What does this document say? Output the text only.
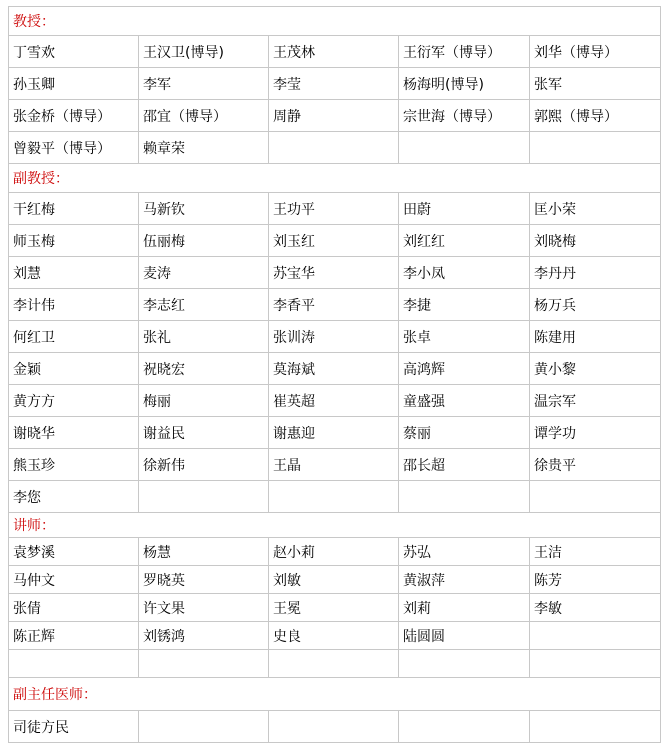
教授：				
丁雪欢	王汉卫(博导)	王茂林	王衍军（博导）	刘华（博导）
孙玉卿	李军	李莹	杨海明(博导)	张军
张金桥（博导）	邵宜（博导）	周静	宗世海（博导）	郭熙（博导）
曾毅平（博导）	赖章荣			
副教授：				
干红梅	马新钦	王功平	田蔚	匡小荣
师玉梅	伍丽梅	刘玉红	刘红红	刘晓梅
刘慧	麦涛	苏宝华	李小凤	李丹丹
李计伟	李志红	李香平	李捷	杨万兵
何红卫	张礼	张训涛	张卓	陈建用
金颖	祝晓宏	莫海斌	高鸿辉	黄小黎
黄方方	梅丽	崔英超	童盛强	温宗军
谢晓华	谢益民	谢惠迎	蔡丽	谭学功
熊玉珍	徐新伟	王晶	邵长超	徐贵平
李您				
讲师：				
袁梦溪	杨慧	赵小莉	苏弘	王洁
马仲文	罗晓英	刘敏	黄淑萍	陈芳
张倩	许文果	王冕	刘莉	李敏
陈正辉	刘锈鸿	史良	陆圆圆	

副主任医师：				
司徒方民				
